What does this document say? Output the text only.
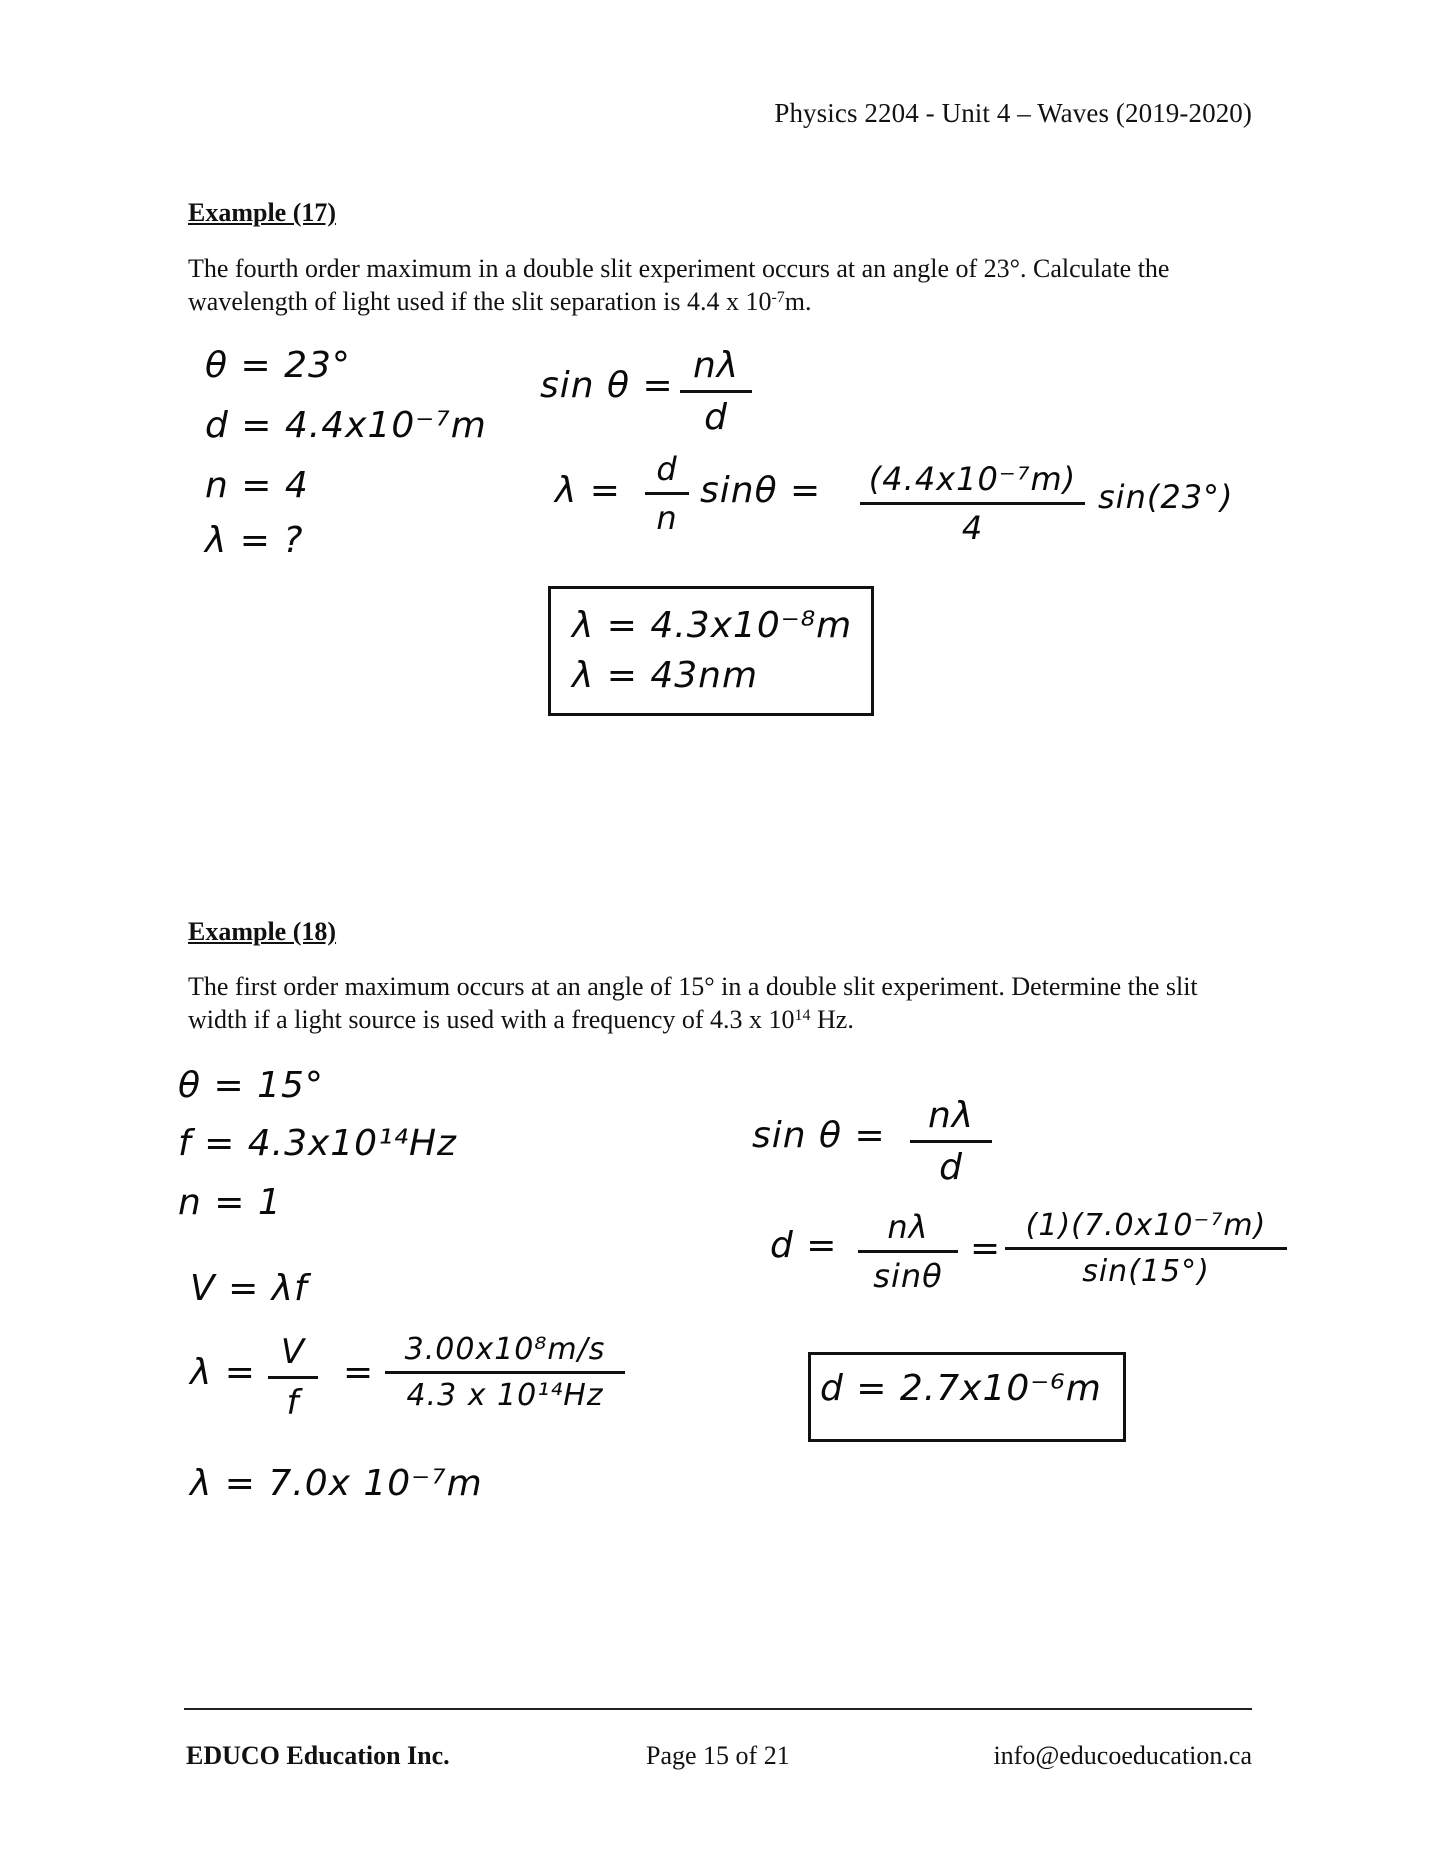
Physics 2204 - Unit 4 – Waves (2019-2020)
Example (17)
The fourth order maximum in a double slit experiment occurs at an angle of 23°. Calculate the
wavelength of light used if the slit separation is 4.4 x $10^{-7}m$.
θ = 23°
d = 4.4x10⁻⁷m
n = 4
λ = ?
sin θ = nλ
d
λ =
d
n
sinθ = (4.4x10⁻⁷m)
4
sin(23°)
λ = 4.3x10⁻⁸m
λ = 43nm
Example (18)
The first order maximum occurs at an angle of 15° in a double slit experiment. Determine the slit
width if a light source is used with a frequency of 4.3 x $10^{14}$ Hz.
θ = 15°
f = 4.3x10¹⁴Hz
n = 1
V = λf
λ = V
f
=
3.00x10⁸m/s
4.3 x 10¹⁴Hz
λ = 7.0x 10⁻⁷m
sin θ =	nλ
d
d =	nλ
sinθ
=
(1)(7.0x10⁻⁷m)
sin(15°)
d = 2.7x10⁻⁶m
EDUCO Education Inc.	Page 15 of 21	info@educoeducation.ca
